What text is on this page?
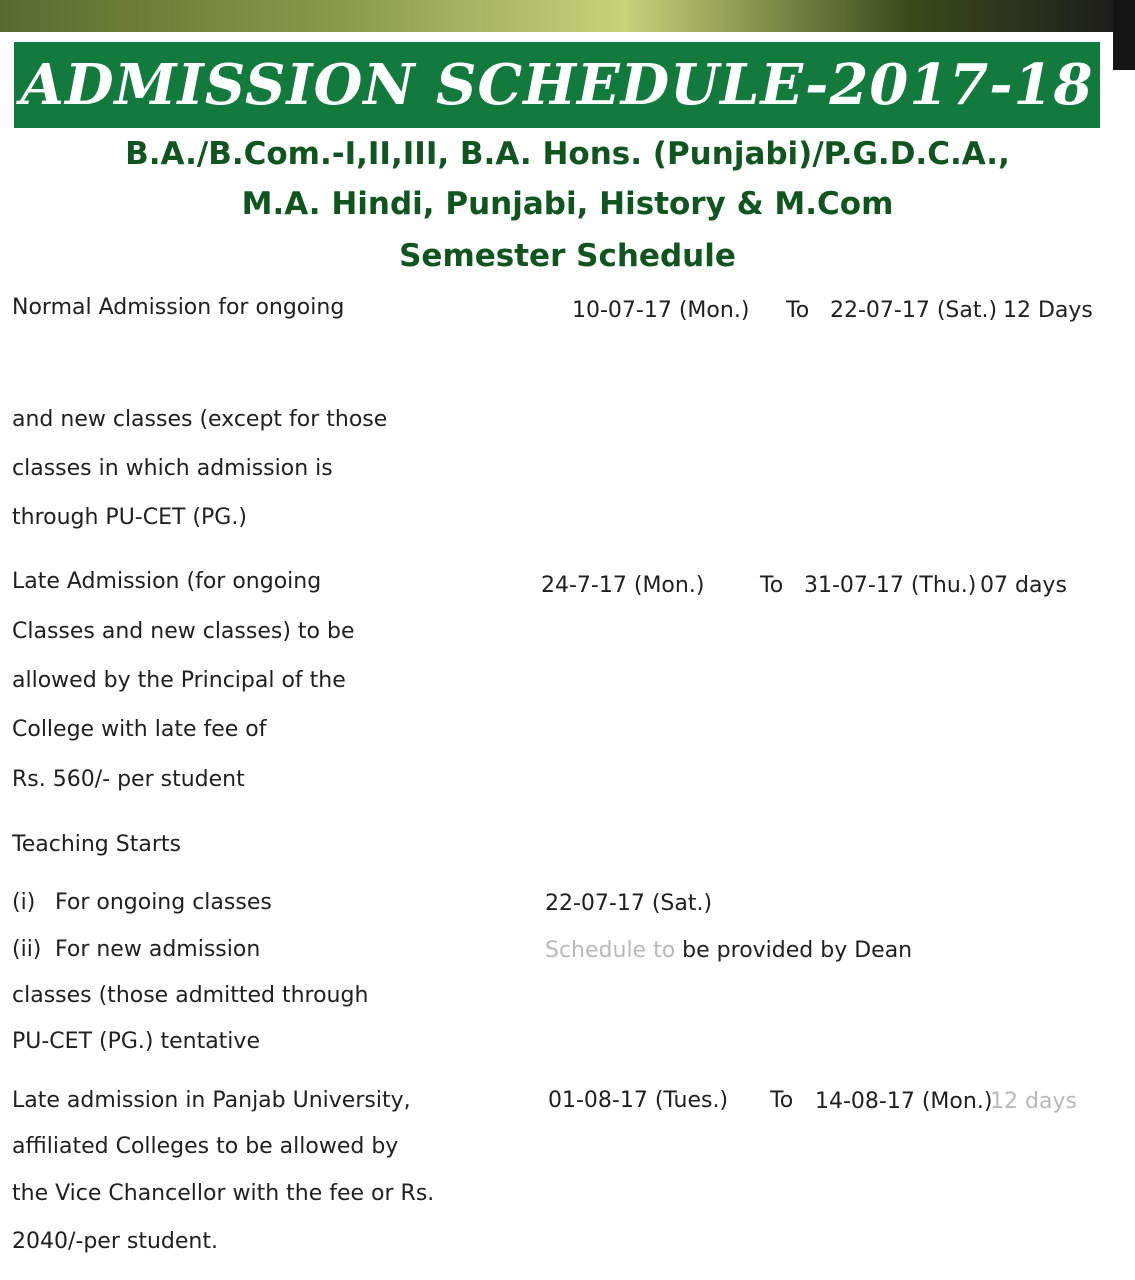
ADMISSION SCHEDULE-2017-18
B.A./B.Com.-I,II,III, B.A. Hons. (Punjabi)/P.G.D.C.A.,
M.A. Hindi, Punjabi, History & M.Com
Semester Schedule
Normal Admission for ongoing
and new classes (except for those
classes in which admission is
through PU-CET (PG.)
10-07-17 (Mon.) To 22-07-17 (Sat.) 12 Days
Late Admission (for ongoing
Classes and new classes) to be
allowed by the Principal of the
College with late fee of
Rs. 560/- per student
24-7-17 (Mon.)	To 31-07-17 (Thu.) 07 days
Teaching Starts
(i) For ongoing classes	22-07-17 (Sat.)
(ii) For new admission
classes (those admitted through
PU-CET (PG.) tentative
Schedule to be provided by Dean
Late admission in Panjab University,
affiliated Colleges to be allowed by
the Vice Chancellor with the fee or Rs.
2040/-per student.
01-08-17 (Tues.) To 14-08-17 (Mon.)
12 days
